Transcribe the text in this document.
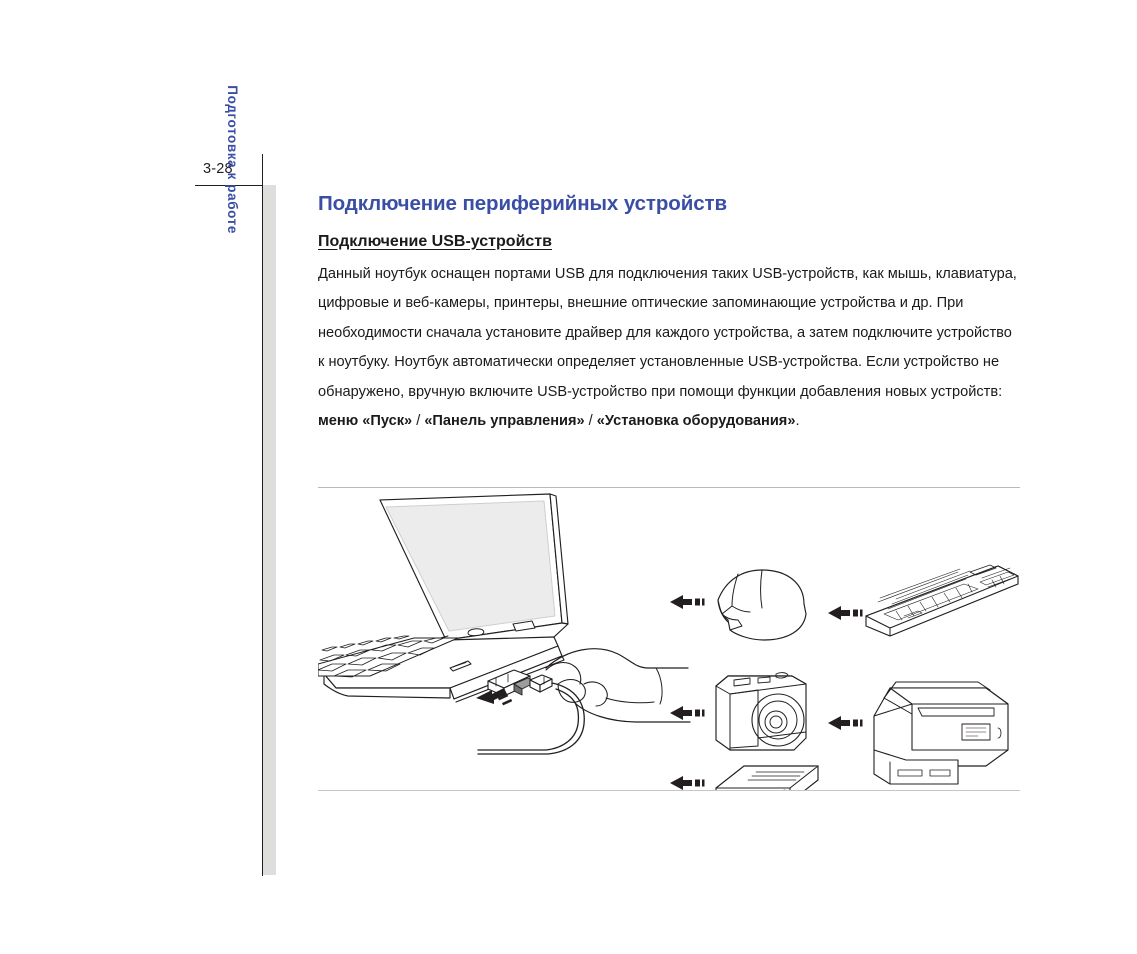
3-28
Подготовка к работе	Подключение периферийных устройств
Подключение USB-устройств

Данный ноутбук оснащен портами USB для подключения таких USB-устройств, как мышь, клавиатура, цифровые и веб-камеры, принтеры, внешние оптические запоминающие устройства и др. При необходимости сначала установите драйвер для каждого устройства, а затем подключите устройство к ноутбуку. Ноутбук автоматически определяет установленные USB-устройства. Если устройство не обнаружено, вручную включите USB-устройство при помощи функции добавления новых устройств: меню «Пуск» / «Панель управления» / «Установка оборудования».
